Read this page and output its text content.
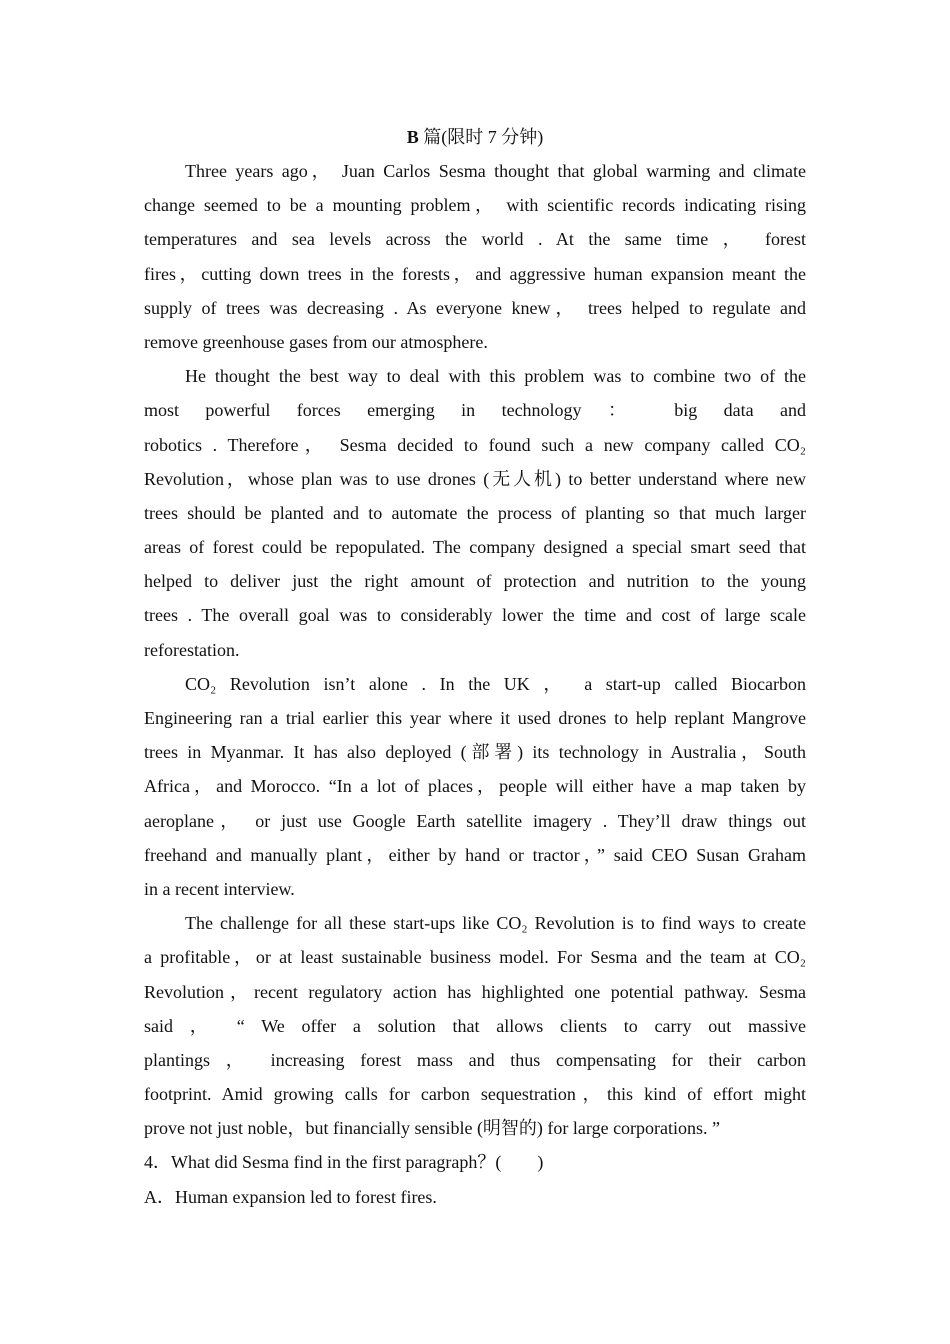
B 篇(限时 7 分钟)
Three years ago， Juan Carlos Sesma thought that global warming and climate
change seemed to be a mounting problem， with scientific records indicating rising
temperatures and sea levels across the world . At the same time ， forest
fires，cutting down trees in the forests，and aggressive human expansion meant the
supply of trees was decreasing . As everyone knew， trees helped to regulate and
remove greenhouse gases from our atmosphere.
He thought the best way to deal with this problem was to combine two of the
most powerful forces emerging in technology ： big data and
robotics . Therefore， Sesma decided to found such a new company called CO₂
Revolution，whose plan was to use drones (无人机) to better understand where new
trees should be planted and to automate the process of planting so that much larger
areas of forest could be repopulated. The company designed a special smart seed that
helped to deliver just the right amount of protection and nutrition to the young
trees . The overall goal was to considerably lower the time and cost of large scale
reforestation.
CO₂ Revolution isn’t alone . In the UK ， a start-up called Biocarbon
Engineering ran a trial earlier this year where it used drones to help replant Mangrove
trees in Myanmar. It has also deployed (部署) its technology in Australia，South
Africa，and Morocco. “In a lot of places，people will either have a map taken by
aeroplane， or just use Google Earth satellite imagery . They’ll draw things out
freehand and manually plant，either by hand or tractor，” said CEO Susan Graham
in a recent interview.
The challenge for all these start-ups like CO₂ Revolution is to find ways to create
a profitable，or at least sustainable business model. For Sesma and the team at CO₂
Revolution，recent regulatory action has highlighted one potential pathway. Sesma
said ， “ We offer a solution that allows clients to carry out massive
plantings ， increasing forest mass and thus compensating for their carbon
footprint. Amid growing calls for carbon sequestration，this kind of effort might
prove not just noble，but financially sensible (明智的) for large corporations. ”
4．What did Sesma find in the first paragraph？(　　)
A．Human expansion led to forest fires.
